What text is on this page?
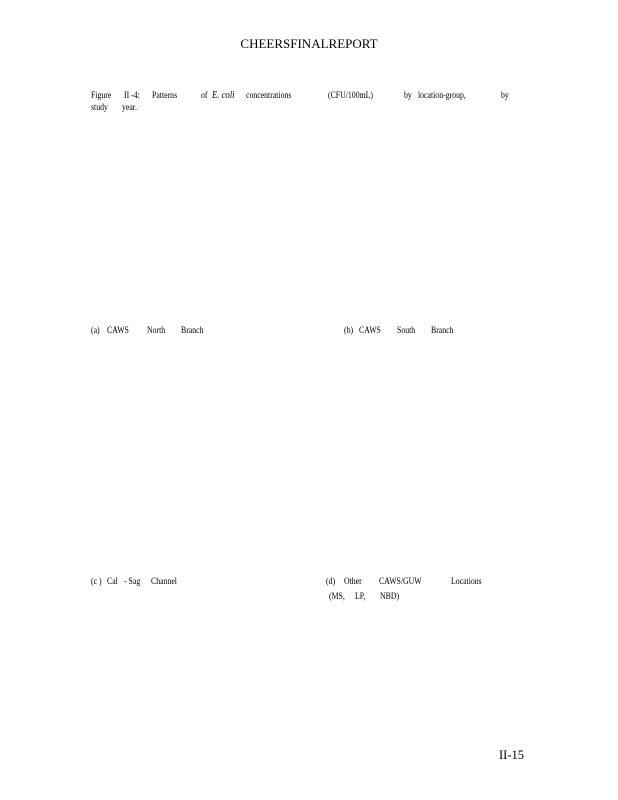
CHEERSFINALREPORT
Figure II -4: Patterns	of E. coli concentrations	(CFU/100mL)	by location-group,	by
study year.
(a) CAWS North Branch	(b) CAWS South Branch
(c ) Cal - Sag Channel	(d) Other CAWS/GUW	Locations
(MS, LP, NBD)
II-15
